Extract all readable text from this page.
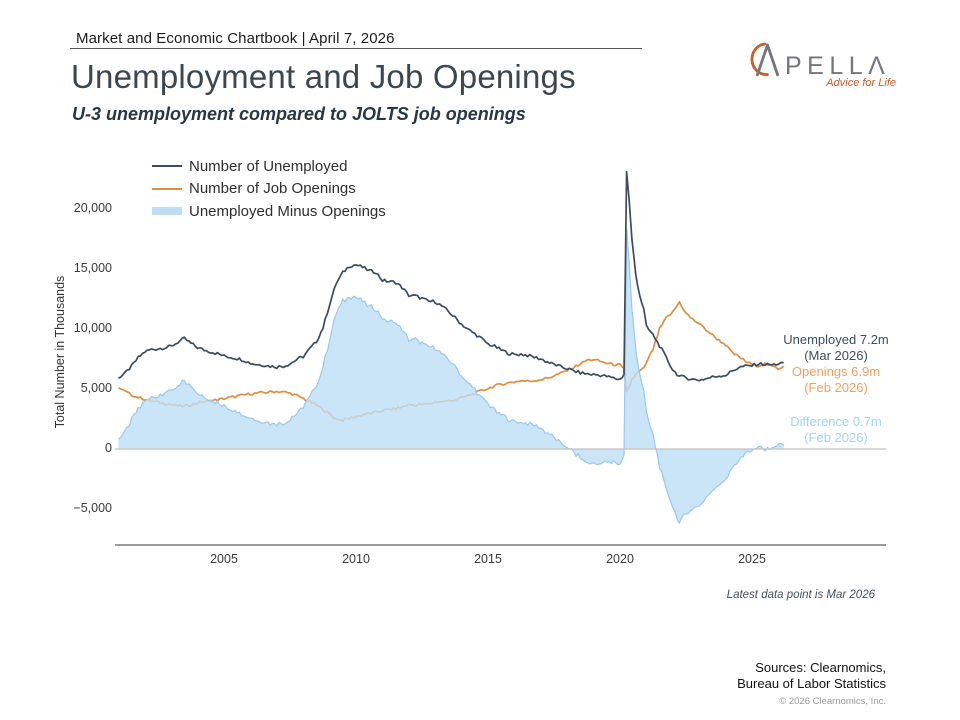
Market and Economic Chartbook | April 7, 2026
PELLΛ
Advice for Life
Unemployment and Job Openings
U-3 unemployment compared to JOLTS job openings
Number of Unemployed
Number of Job Openings
Unemployed Minus Openings
20,000
15,000
10,000
5,000
0
−5,000
2005	2010	2015	2020	2025
Total Number in Thousands	Unemployed 7.2m
(Mar 2026)
Openings 6.9m
(Feb 2026)
Difference 0.7m
(Feb 2026)
Latest data point is Mar 2026
Sources: Clearnomics,
Bureau of Labor Statistics
© 2026 Clearnomics, Inc.
